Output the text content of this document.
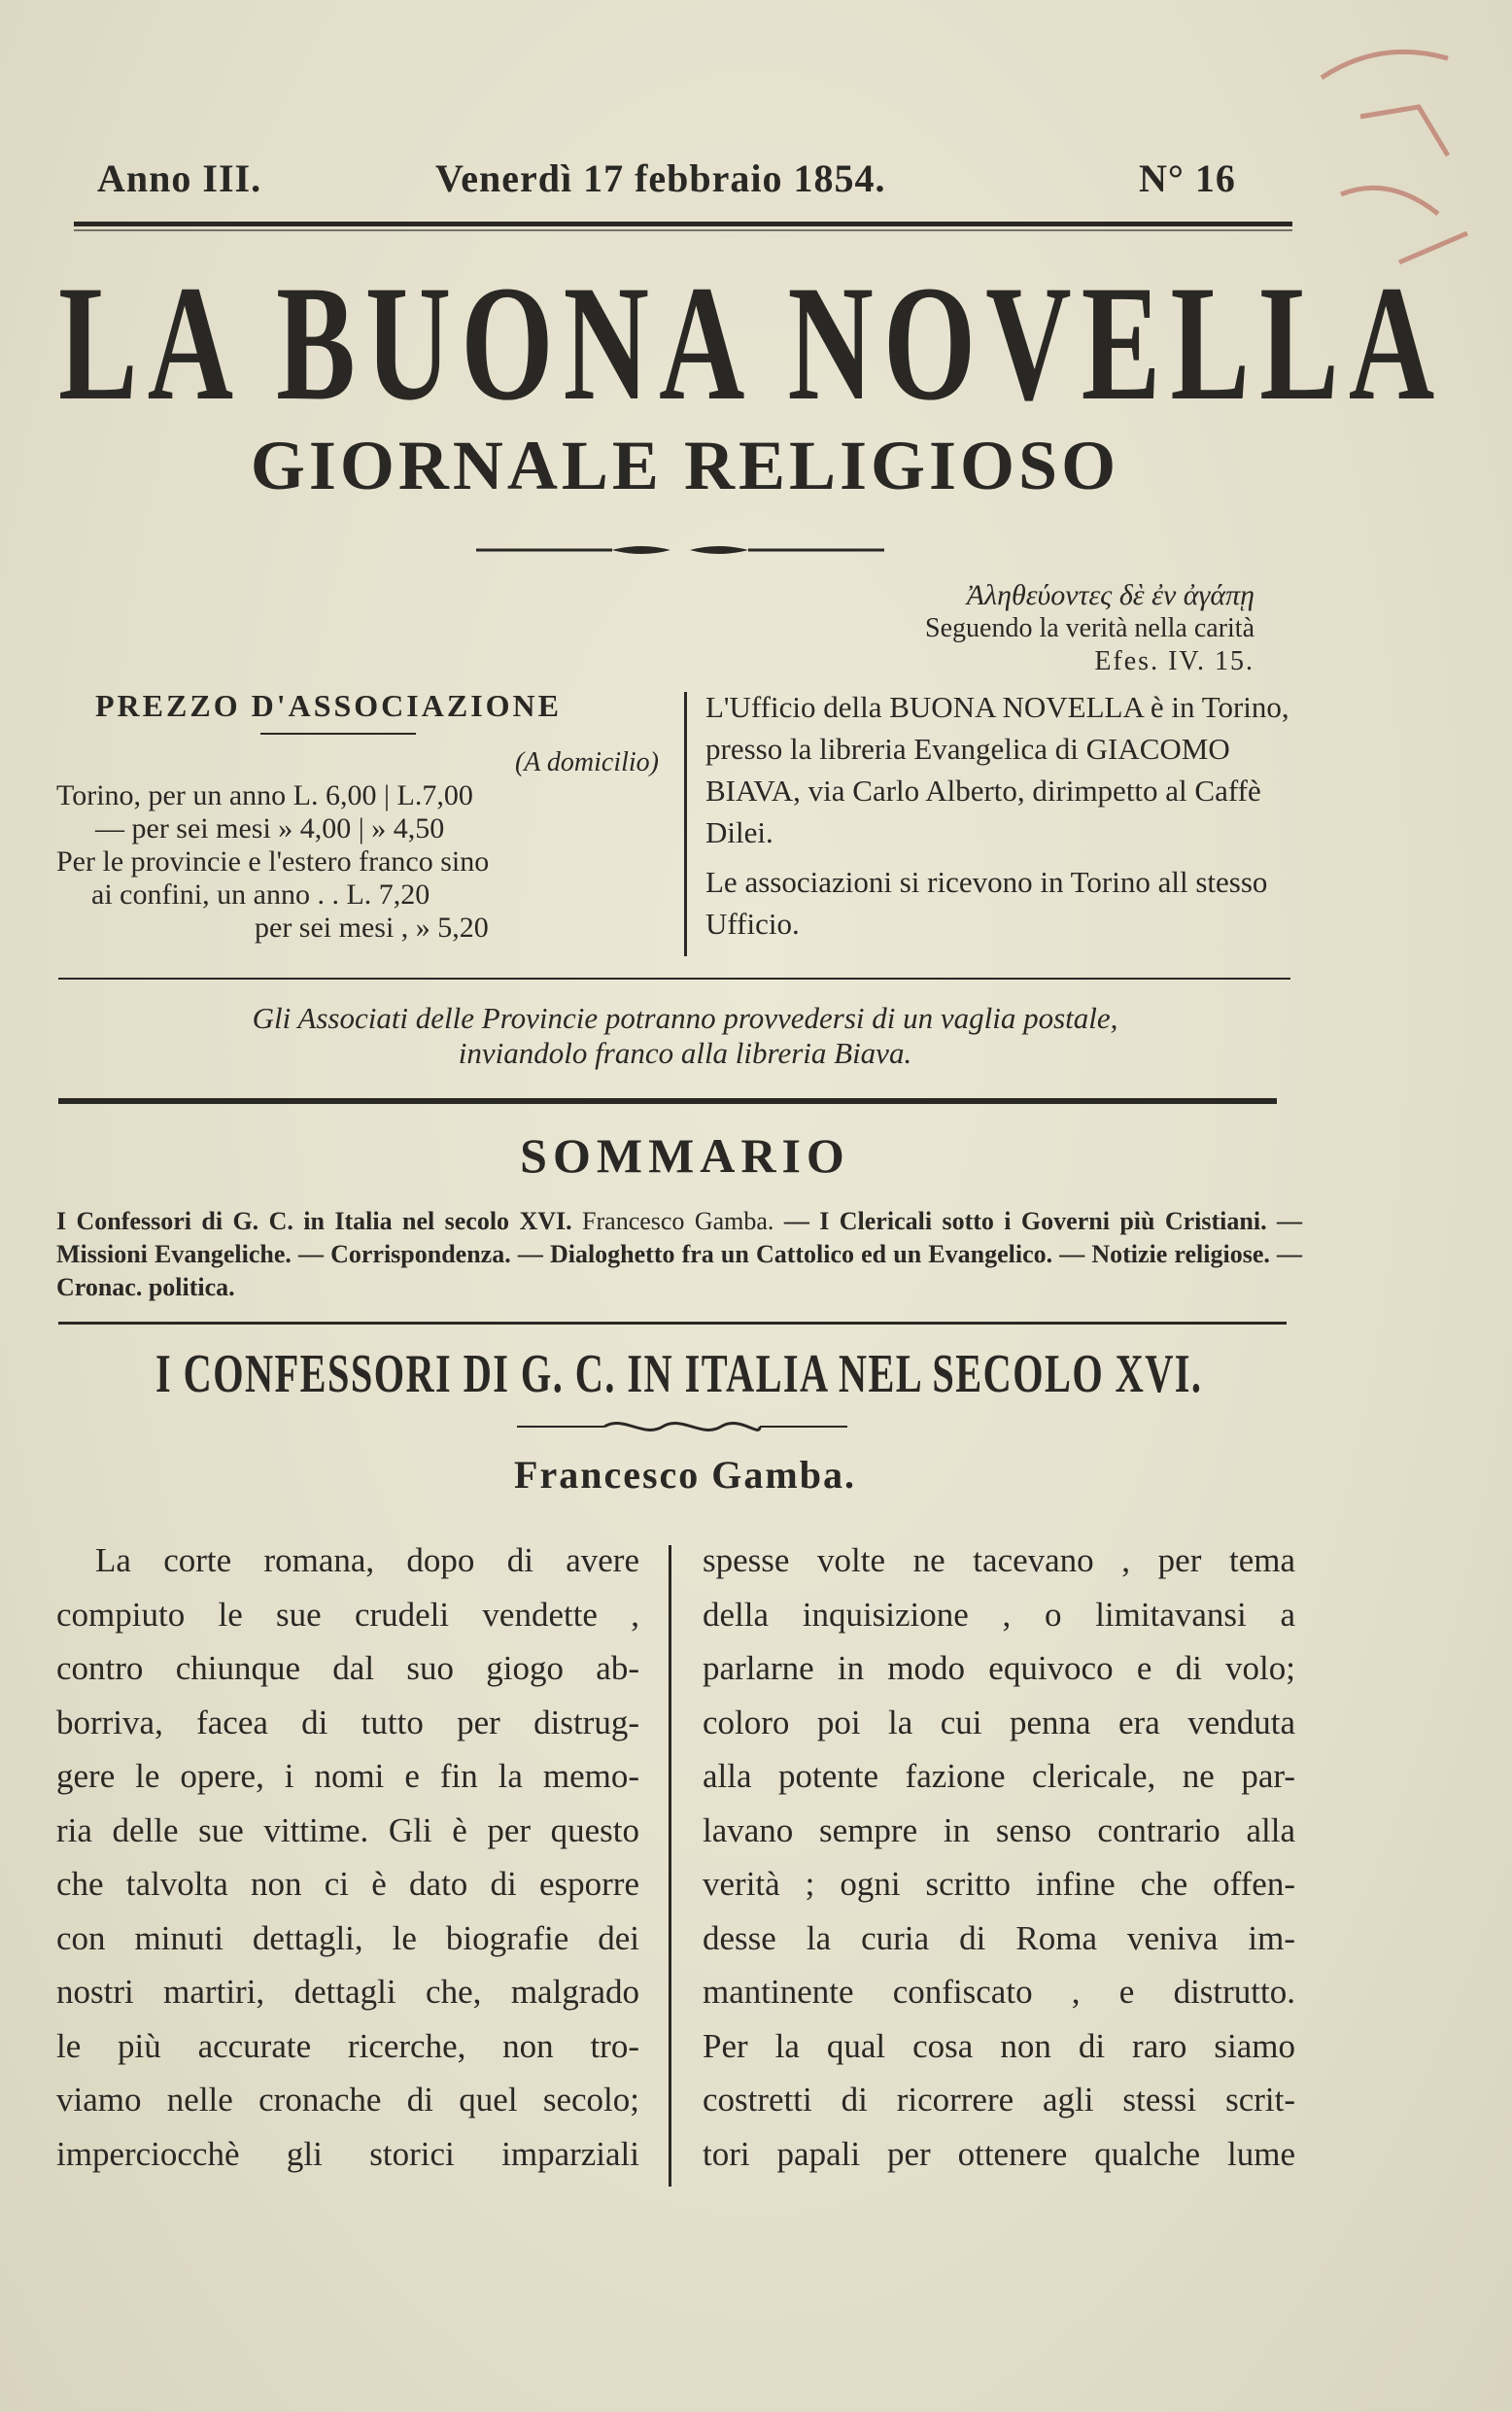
Anno III.	Venerdì 17 febbraio 1854.	N° 16
LA BUONA NOVELLA
GIORNALE RELIGIOSO
Ἀληθεύοντες δὲ ἐν ἀγάπῃ
Seguendo la verità nella carità
Efes. IV. 15.
PREZZO D'ASSOCIAZIONE
(A domicilio)
Torino, per un anno L. 6,00 | L.7,00
— per sei mesi » 4,00 | » 4,50
Per le provincie e l'estero franco sino
ai confini, un anno . . L. 7,20
per sei mesi , » 5,20

L'Ufficio della BUONA NOVELLA è in Torino, presso la libreria Evangelica di GIACOMO BIAVA, via Carlo Alberto, dirimpetto al Caffè Dilei.

Le associazioni si ricevono in Torino all stesso Ufficio.

Gli Associati delle Provincie potranno provvedersi di un vaglia postale,
inviandolo franco alla libreria Biava.
SOMMARIO
I Confessori di G. C. in Italia nel secolo XVI. Francesco Gamba. — I Clericali sotto i Governi più Cristiani. — Missioni Evangeliche. — Corrispondenza. — Dialoghetto fra un Cattolico ed un Evangelico. — Notizie religiose. — Cronac. politica.
I CONFESSORI DI G. C. IN ITALIA NEL SECOLO XVI.
Francesco Gamba.
La corte romana, dopo di avere
compiuto le sue crudeli vendette ,
contro chiunque dal suo giogo ab-
borriva, facea di tutto per distrug-
gere le opere, i nomi e fin la memo-
ria delle sue vittime. Gli è per questo
che talvolta non ci è dato di esporre
con minuti dettagli, le biografie dei
nostri martiri, dettagli che, malgrado
le più accurate ricerche, non tro-
viamo nelle cronache di quel secolo;
imperciocchè gli storici imparziali
spesse volte ne tacevano , per tema
della inquisizione , o limitavansi a
parlarne in modo equivoco e di volo;
coloro poi la cui penna era venduta
alla potente fazione clericale, ne par-
lavano sempre in senso contrario alla
verità ; ogni scritto infine che offen-
desse la curia di Roma veniva im-
mantinente confiscato , e distrutto.
Per la qual cosa non di raro siamo
costretti di ricorrere agli stessi scrit-
tori papali per ottenere qualche lume
